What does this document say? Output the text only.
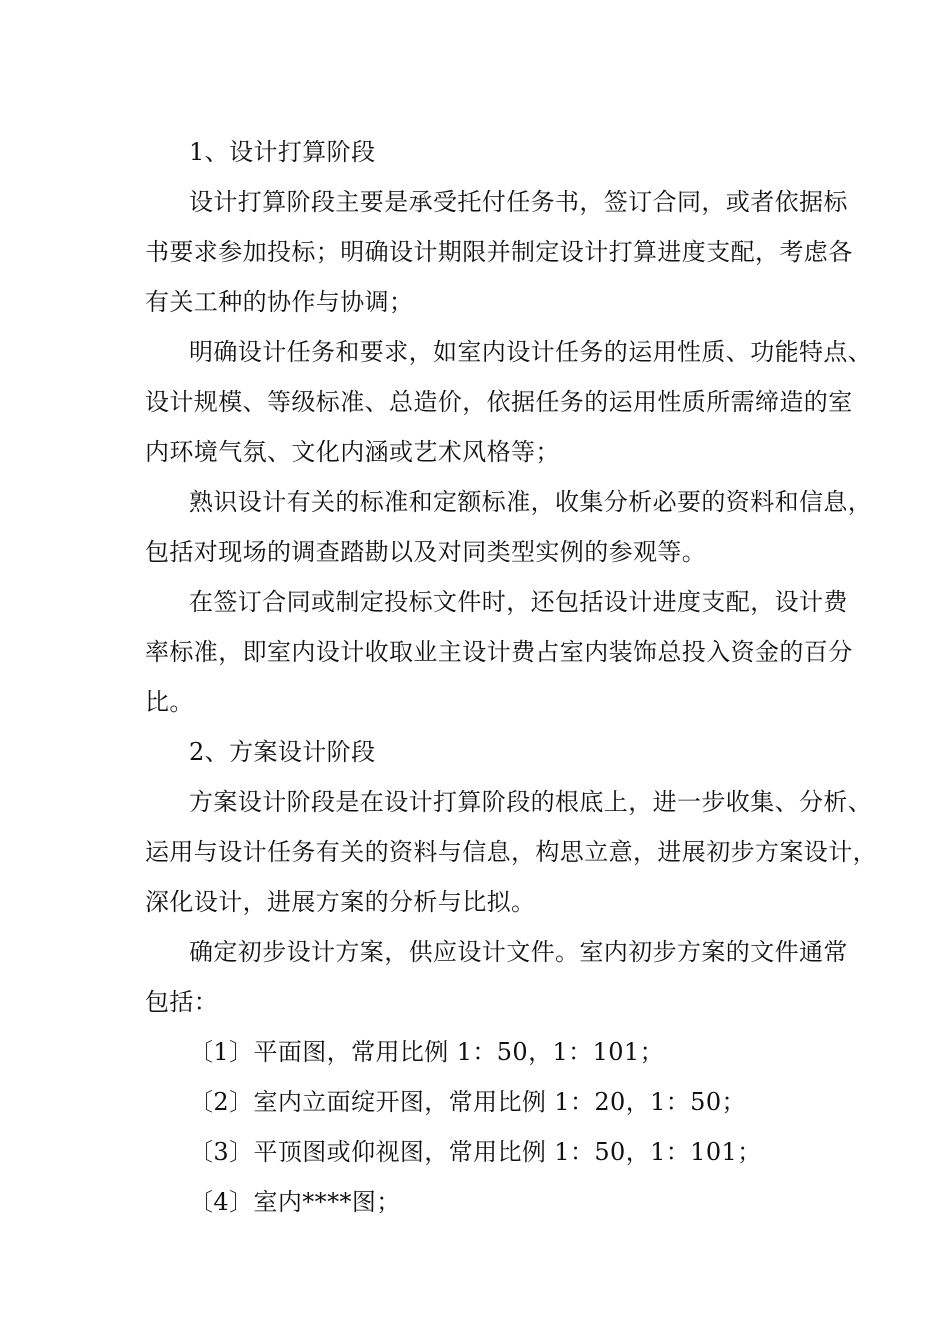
1、设计打算阶段
设计打算阶段主要是承受托付任务书，签订合同，或者依据标
书要求参加投标；明确设计期限并制定设计打算进度支配，考虑各
有关工种的协作与协调；
明确设计任务和要求，如室内设计任务的运用性质、功能特点、
设计规模、等级标准、总造价，依据任务的运用性质所需缔造的室
内环境气氛、文化内涵或艺术风格等；
熟识设计有关的标准和定额标准，收集分析必要的资料和信息，
包括对现场的调查踏勘以及对同类型实例的参观等。
在签订合同或制定投标文件时，还包括设计进度支配，设计费
率标准，即室内设计收取业主设计费占室内装饰总投入资金的百分
比。
2、方案设计阶段
方案设计阶段是在设计打算阶段的根底上，进一步收集、分析、
运用与设计任务有关的资料与信息，构思立意，进展初步方案设计，
深化设计，进展方案的分析与比拟。
确定初步设计方案，供应设计文件。室内初步方案的文件通常
包括：
〔1〕平面图，常用比例 1：50，1：101；
〔2〕室内立面绽开图，常用比例 1：20，1：50；
〔3〕平顶图或仰视图，常用比例 1：50，1：101；
〔4〕室内****图；
